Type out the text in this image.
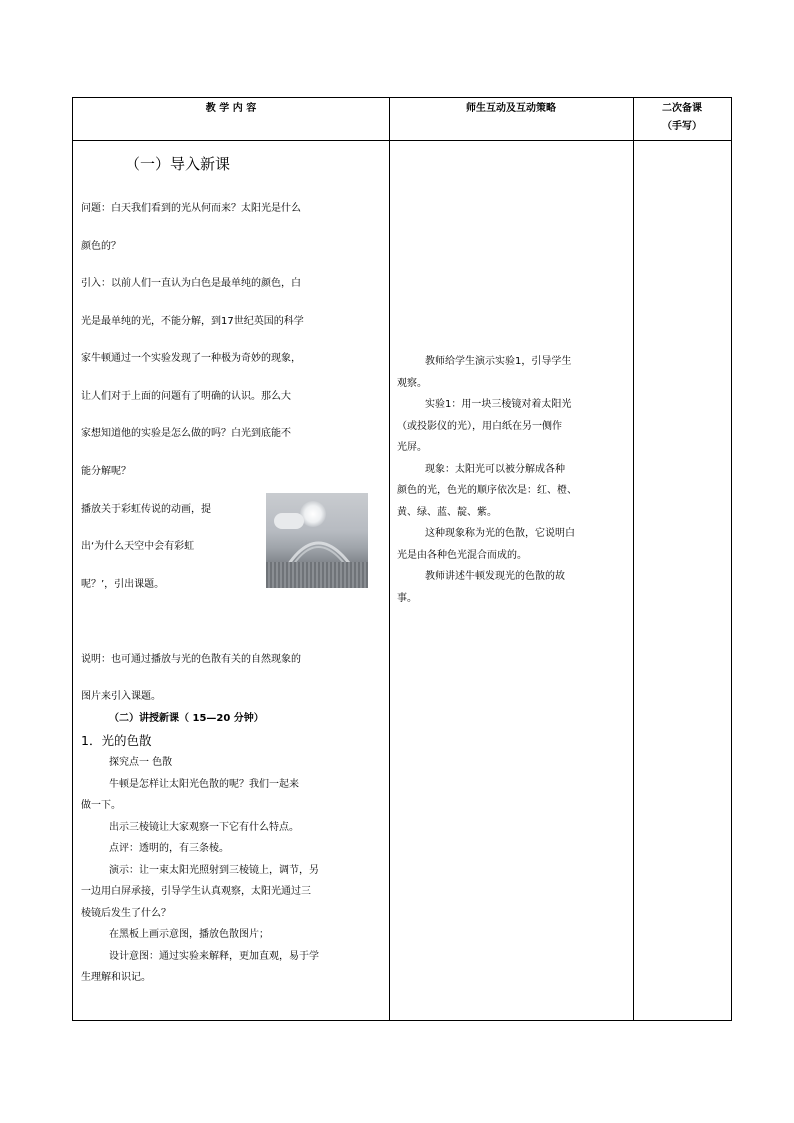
教 学 内 容	师生互动及互动策略	二次备课
（手写）
（一）导入新课
问题：白天我们看到的光从何而来？太阳光是什么
颜色的？
引入：以前人们一直认为白色是最单纯的颜色，白
光是最单纯的光，不能分解，到17世纪英国的科学
家牛顿通过一个实验发现了一种极为奇妙的现象，
让人们对于上面的问题有了明确的认识。那么大
家想知道他的实验是怎么做的吗？白光到底能不
能分解呢？
播放关于彩虹传说的动画，提
出‘为什么天空中会有彩虹
呢？’，引出课题。
说明：也可通过播放与光的色散有关的自然现象的
图片来引入课题。
（二）讲授新课（ 15—20 分钟）
1．光的色散
探究点一 色散
牛顿是怎样让太阳光色散的呢？我们一起来
做一下。
出示三棱镜让大家观察一下它有什么特点。
点评：透明的，有三条棱。
演示：让一束太阳光照射到三棱镜上，调节，另
一边用白屏承接，引导学生认真观察，太阳光通过三
棱镜后发生了什么？
在黑板上画示意图，播放色散图片；
设计意图：通过实验来解释，更加直观，易于学
生理解和识记。
教师给学生演示实验1，引导学生
观察。
实验1：用一块三棱镜对着太阳光
（或投影仪的光），用白纸在另一侧作
光屏。
现象：太阳光可以被分解成各种
颜色的光，色光的顺序依次是：红、橙、
黄、绿、蓝、靛、紫。
这种现象称为光的色散，它说明白
光是由各种色光混合而成的。
教师讲述牛顿发现光的色散的故
事。
